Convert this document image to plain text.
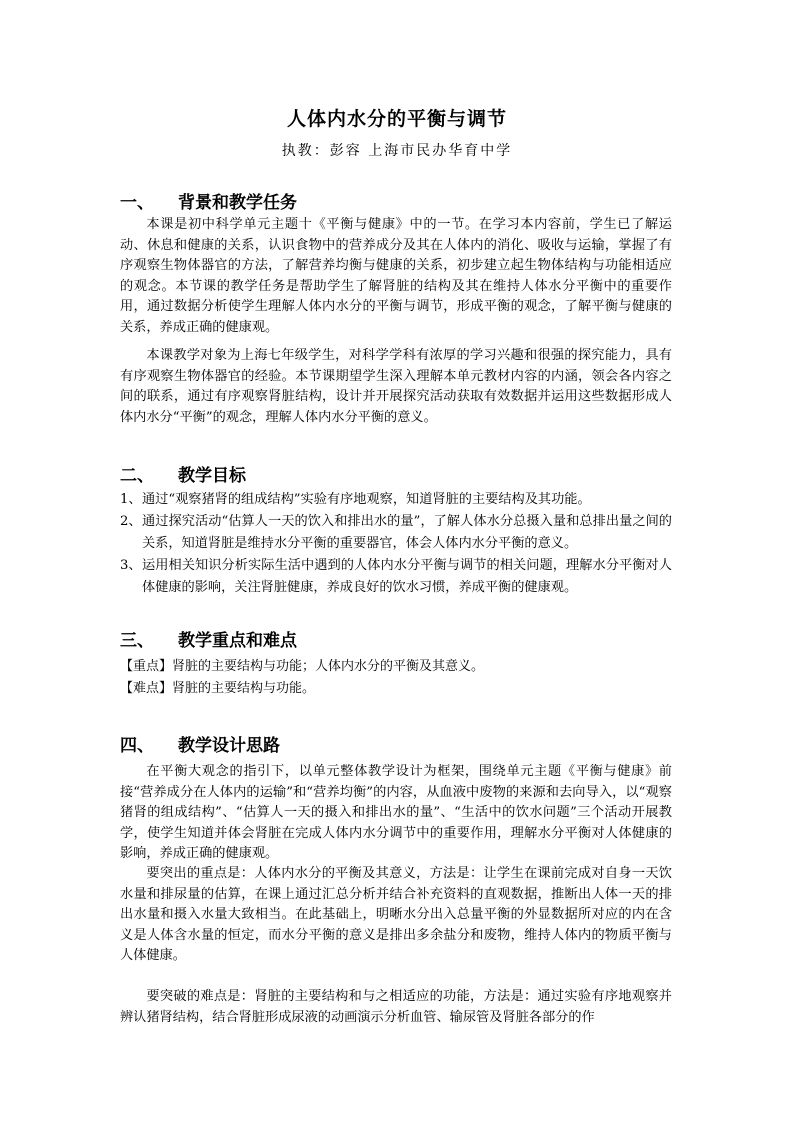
人体内水分的平衡与调节
执教：彭容 上海市民办华育中学
一、 背景和教学任务

本课是初中科学单元主题十《平衡与健康》中的一节。在学习本内容前，学生已了解运动、休息和健康的关系，认识食物中的营养成分及其在人体内的消化、吸收与运输，掌握了有序观察生物体器官的方法，了解营养均衡与健康的关系，初步建立起生物体结构与功能相适应的观念。本节课的教学任务是帮助学生了解肾脏的结构及其在维持人体水分平衡中的重要作用，通过数据分析使学生理解人体内水分的平衡与调节，形成平衡的观念，了解平衡与健康的关系，养成正确的健康观。

本课教学对象为上海七年级学生，对科学学科有浓厚的学习兴趣和很强的探究能力，具有有序观察生物体器官的经验。本节课期望学生深入理解本单元教材内容的内涵，领会各内容之间的联系，通过有序观察肾脏结构，设计并开展探究活动获取有效数据并运用这些数据形成人体内水分“平衡”的观念，理解人体内水分平衡的意义。

二、 教学目标
1、 通过“观察猪肾的组成结构”实验有序地观察，知道肾脏的主要结构及其功能。
2、 通过探究活动“估算人一天的饮入和排出水的量”，了解人体水分总摄入量和总排出量之间的关系，知道肾脏是维持水分平衡的重要器官，体会人体内水分平衡的意义。
3、 运用相关知识分析实际生活中遇到的人体内水分平衡与调节的相关问题，理解水分平衡对人体健康的影响，关注肾脏健康，养成良好的饮水习惯，养成平衡的健康观。
三、 教学重点和难点
【重点】肾脏的主要结构与功能；人体内水分的平衡及其意义。
【难点】肾脏的主要结构与功能。
四、 教学设计思路

在平衡大观念的指引下，以单元整体教学设计为框架，围绕单元主题《平衡与健康》前接“营养成分在人体内的运输”和“营养均衡”的内容，从血液中废物的来源和去向导入，以“观察猪肾的组成结构”、“估算人一天的摄入和排出水的量”、“生活中的饮水问题”三个活动开展教学，使学生知道并体会肾脏在完成人体内水分调节中的重要作用，理解水分平衡对人体健康的影响，养成正确的健康观。

要突出的重点是：人体内水分的平衡及其意义，方法是：让学生在课前完成对自身一天饮水量和排尿量的估算，在课上通过汇总分析并结合补充资料的直观数据，推断出人体一天的排出水量和摄入水量大致相当。在此基础上，明晰水分出入总量平衡的外显数据所对应的内在含义是人体含水量的恒定，而水分平衡的意义是排出多余盐分和废物，维持人体内的物质平衡与人体健康。

要突破的难点是：肾脏的主要结构和与之相适应的功能，方法是：通过实验有序地观察并辨认猪肾结构，结合肾脏形成尿液的动画演示分析血管、输尿管及肾脏各部分的作
